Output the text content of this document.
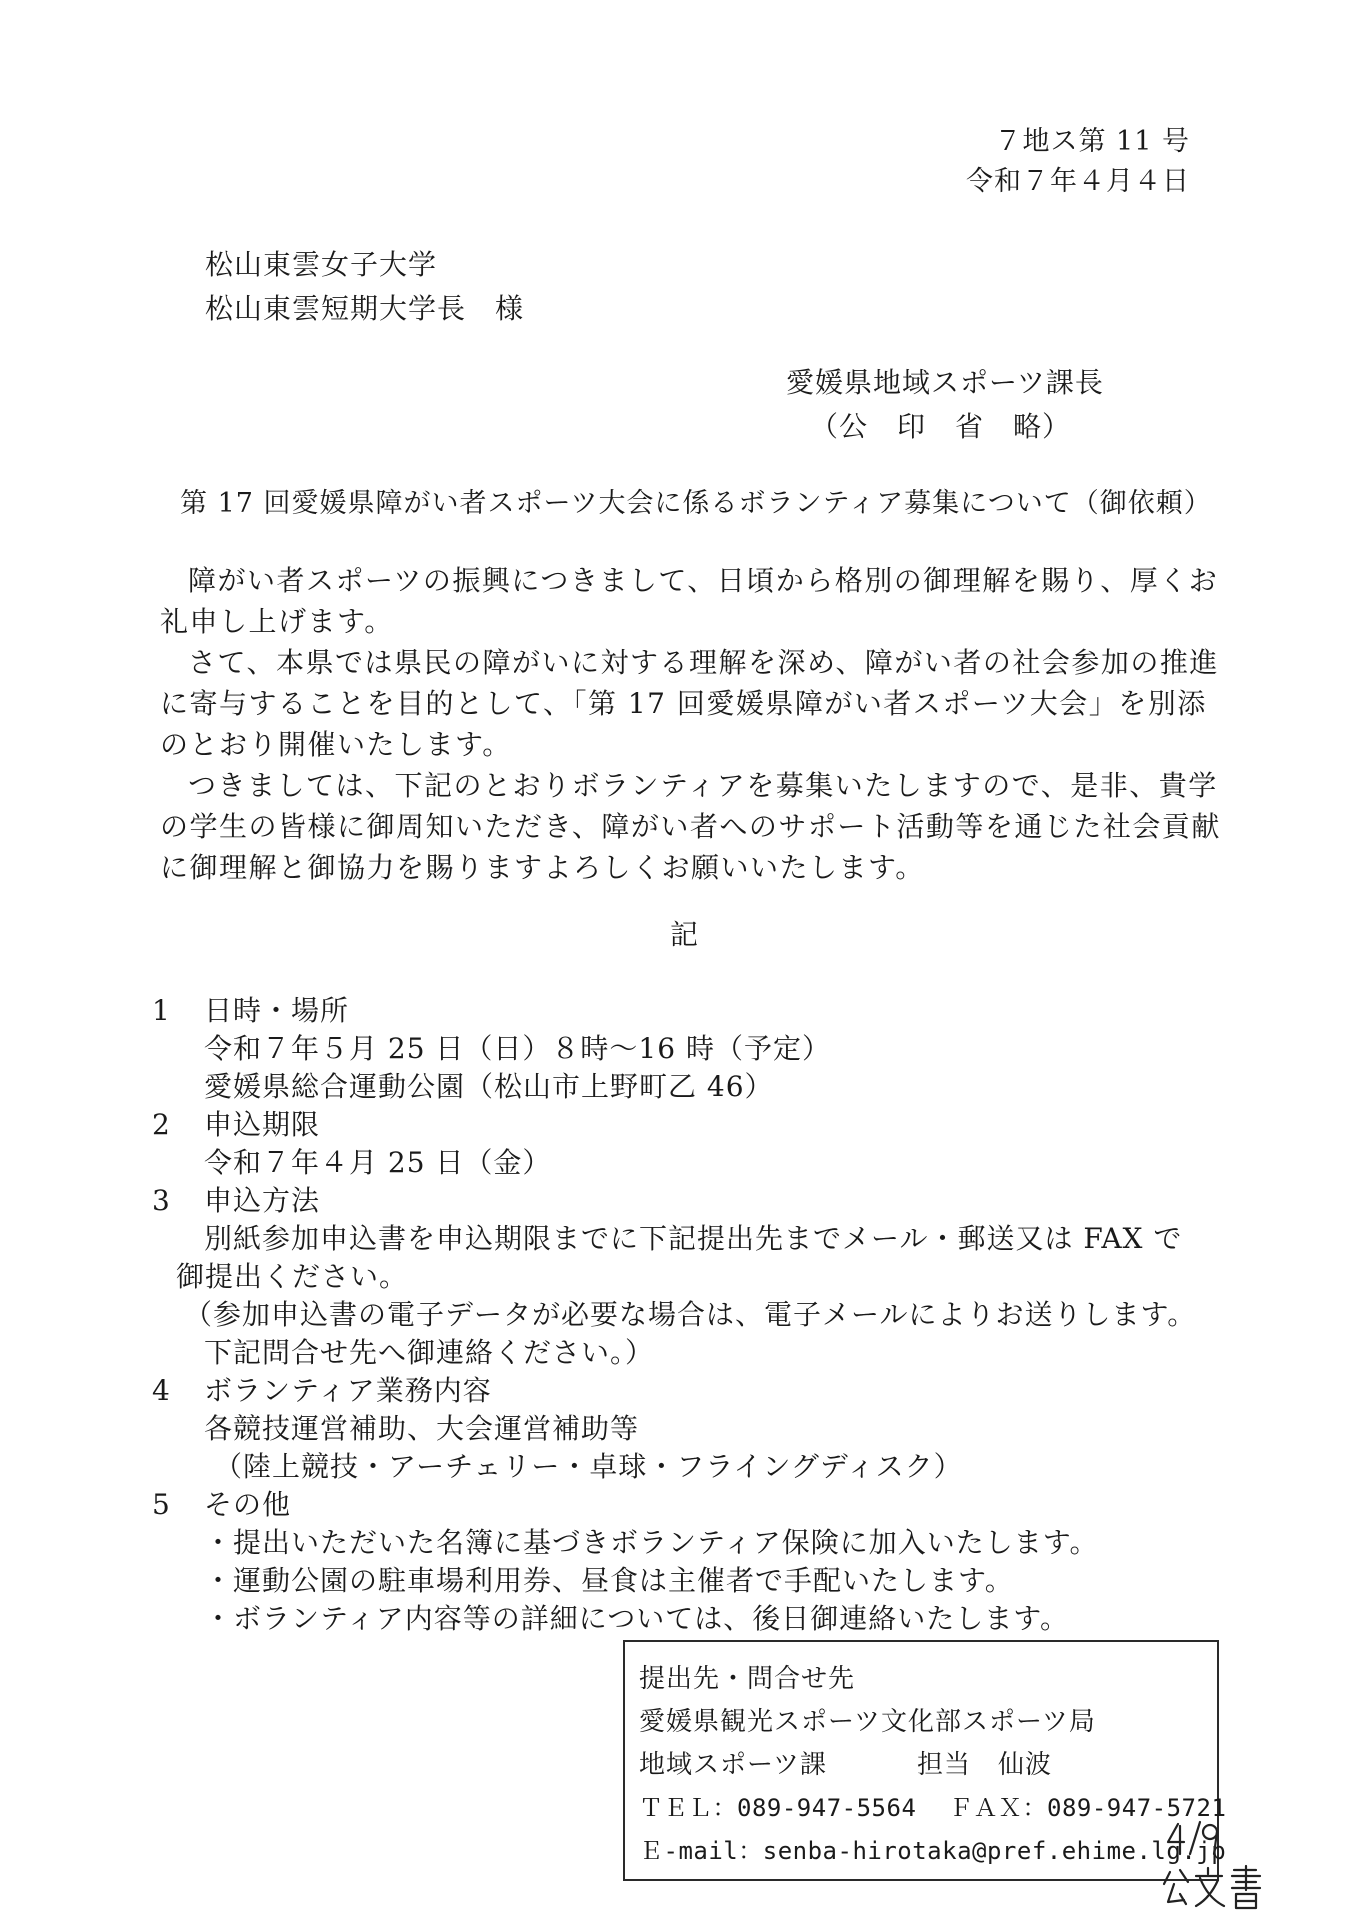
７地ス第 11 号
令和７年４月４日
松山東雲女子大学
松山東雲短期大学長　様
愛媛県地域スポーツ課長
（公　印　省　略）
第 17 回愛媛県障がい者スポーツ大会に係るボランティア募集について（御依頼）

障がい者スポーツの振興につきまして、日頃から格別の御理解を賜り、厚くお礼申し上げます。

さて、本県では県民の障がいに対する理解を深め、障がい者の社会参加の推進に寄与することを目的として、「第 17 回愛媛県障がい者スポーツ大会」を別添のとおり開催いたします。

つきましては、下記のとおりボランティアを募集いたしますので、是非、貴学の学生の皆様に御周知いただき、障がい者へのサポート活動等を通じた社会貢献に御理解と御協力を賜りますよろしくお願いいたします。

記
1 日時・場所
令和７年５月 25 日（日）８時～16 時（予定）
愛媛県総合運動公園（松山市上野町乙 46）
2 申込期限
令和７年４月 25 日（金）
3 申込方法
別紙参加申込書を申込期限までに下記提出先までメール・郵送又は FAX で
御提出ください。
（参加申込書の電子データが必要な場合は、電子メールによりお送りします。
下記問合せ先へ御連絡ください。）
4 ボランティア業務内容
各競技運営補助、大会運営補助等
（陸上競技・アーチェリー・卓球・フライングディスク）
5 その他
・提出いただいた名簿に基づきボランティア保険に加入いたします。
・運動公園の駐車場利用券、昼食は主催者で手配いたします。
・ボランティア内容等の詳細については、後日御連絡いたします。
提出先・問合せ先
愛媛県観光スポーツ文化部スポーツ局
地域スポーツ課	担当　仙波
ＴＥＬ：089-947-5564 ＦＡＸ：089-947-5721
Ｅ-mail：senba-hirotaka@pref.ehime.lg.jp
